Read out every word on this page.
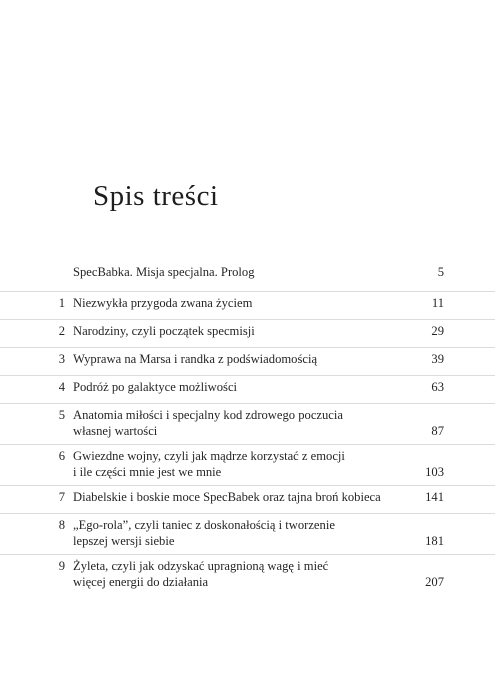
Spis treści
SpecBabka. Misja specjalna. Prolog	5
1 Niezwykła przygoda zwana życiem	11
2 Narodziny, czyli początek specmisji	29
3 Wyprawa na Marsa i randka z podświadomością	39
4 Podróż po galaktyce możliwości	63
5 Anatomia miłości i specjalny kod zdrowego poczucia
własnej wartości	87
6 Gwiezdne wojny, czyli jak mądrze korzystać z emocji
i ile części mnie jest we mnie	103
7 Diabelskie i boskie moce SpecBabek oraz tajna broń kobieca	141
8 „Ego-rola”, czyli taniec z doskonałością i tworzenie
lepszej wersji siebie	181
9 Żyleta, czyli jak odzyskać upragnioną wagę i mieć
więcej energii do działania	207
